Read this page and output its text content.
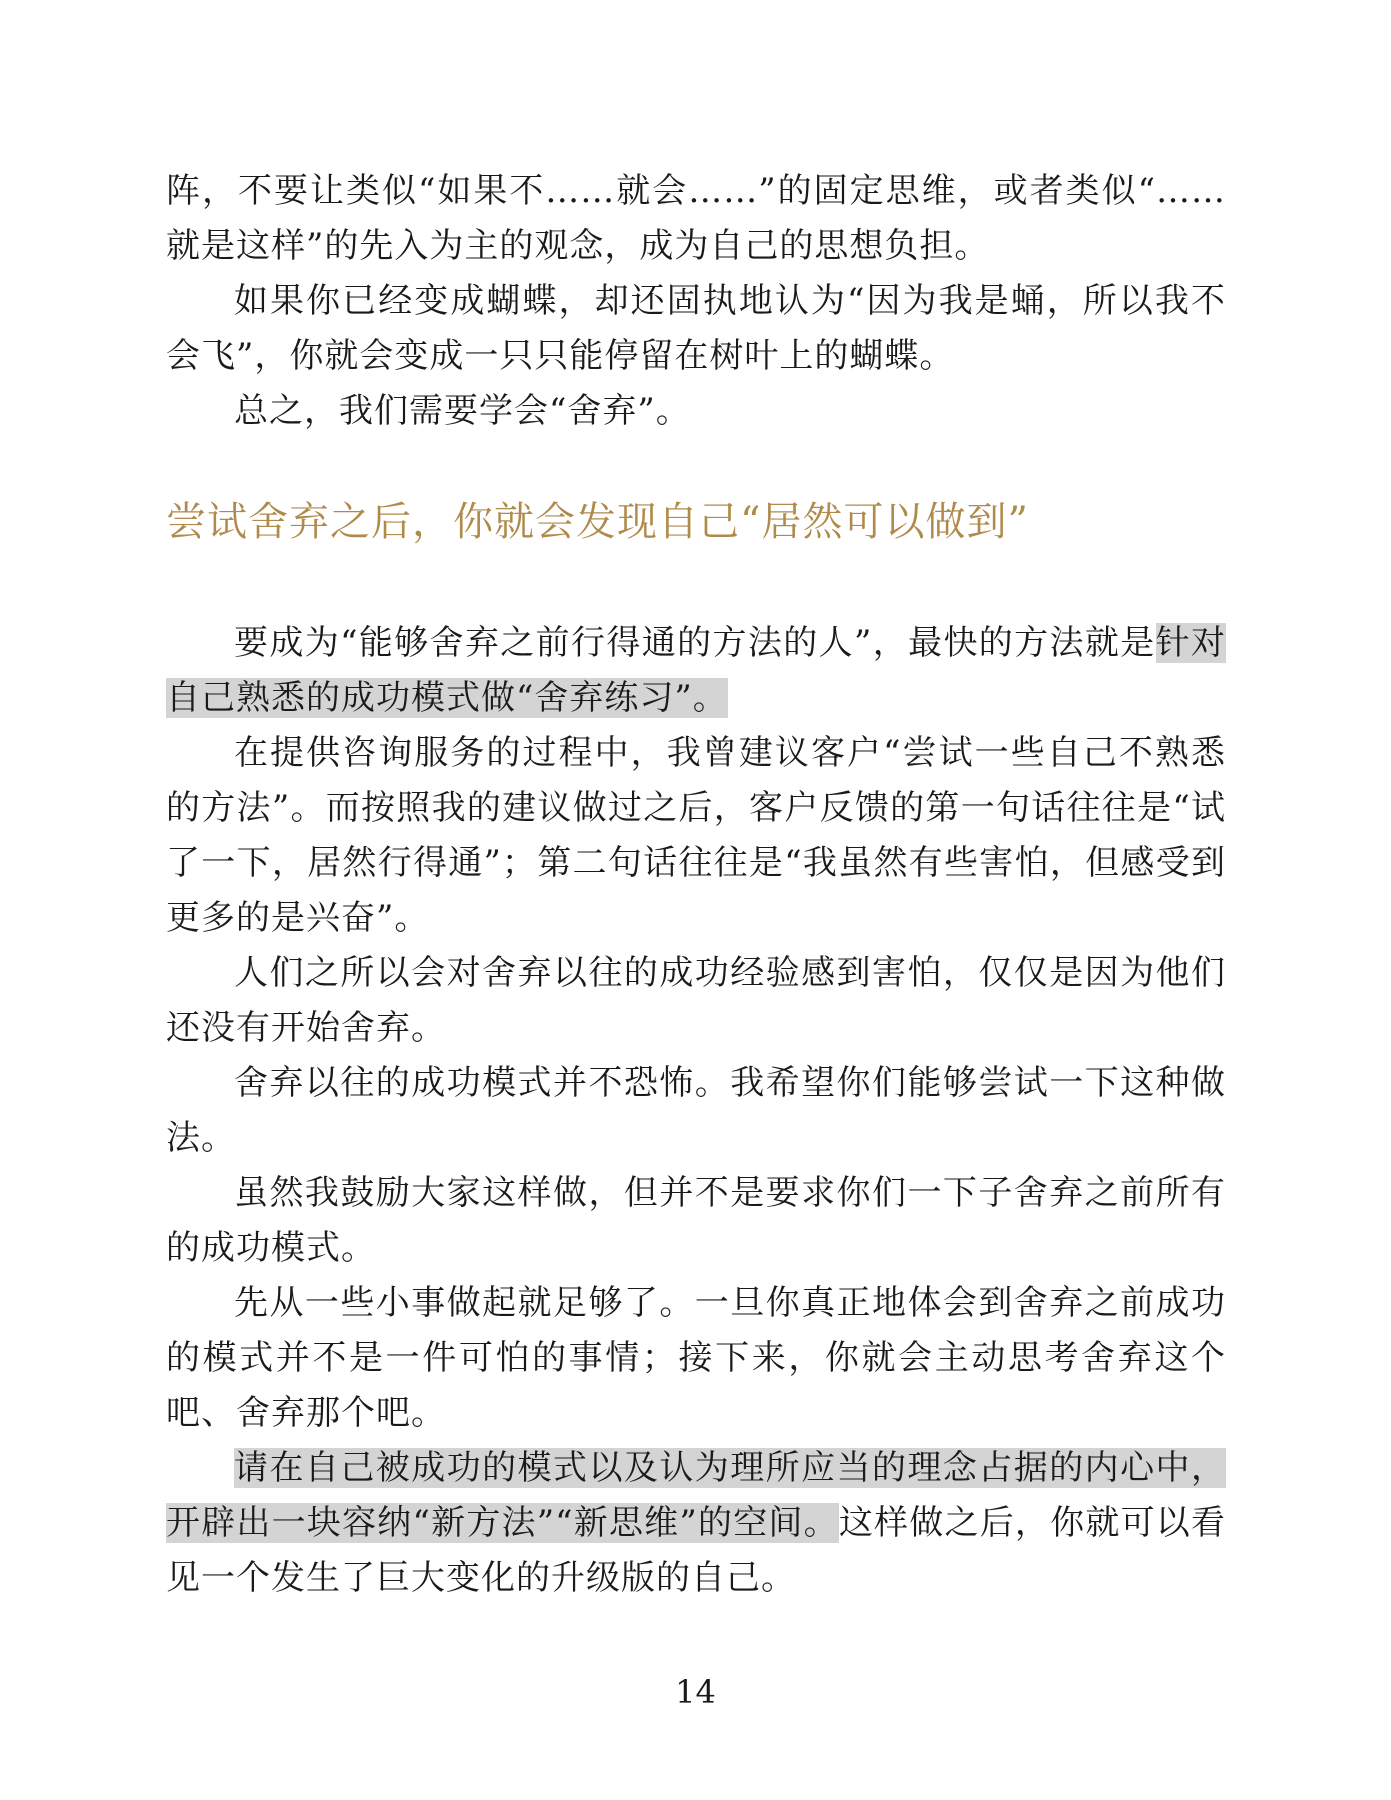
阵，不要让类似“如果不……就会……”的固定思维，或者类似“……就是这样”的先入为主的观念，成为自己的思想负担。

如果你已经变成蝴蝶，却还固执地认为“因为我是蛹，所以我不会飞”，你就会变成一只只能停留在树叶上的蝴蝶。

总之，我们需要学会“舍弃”。

尝试舍弃之后，你就会发现自己“居然可以做到”

要成为“能够舍弃之前行得通的方法的人”，最快的方法就是针对自己熟悉的成功模式做“舍弃练习”。

在提供咨询服务的过程中，我曾建议客户“尝试一些自己不熟悉的方法”。而按照我的建议做过之后，客户反馈的第一句话往往是“试了一下，居然行得通”；第二句话往往是“我虽然有些害怕，但感受到更多的是兴奋”。

人们之所以会对舍弃以往的成功经验感到害怕，仅仅是因为他们还没有开始舍弃。

舍弃以往的成功模式并不恐怖。我希望你们能够尝试一下这种做法。

虽然我鼓励大家这样做，但并不是要求你们一下子舍弃之前所有的成功模式。

先从一些小事做起就足够了。一旦你真正地体会到舍弃之前成功的模式并不是一件可怕的事情；接下来，你就会主动思考舍弃这个吧、舍弃那个吧。

请在自己被成功的模式以及认为理所应当的理念占据的内心中，开辟出一块容纳“新方法”“新思维”的空间。这样做之后，你就可以看见一个发生了巨大变化的升级版的自己。

14
